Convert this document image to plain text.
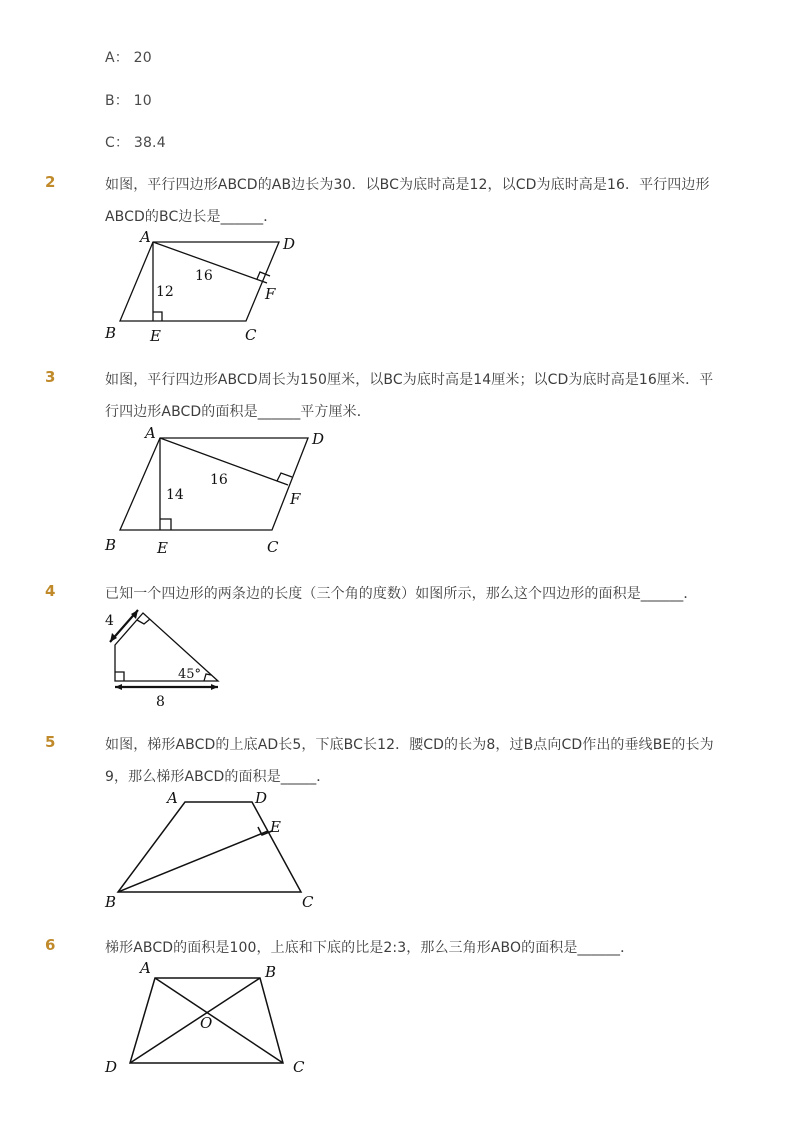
A： 20
B： 10
C： 38.4
2	如图，平行四边形ABCD的AB边长为30．以BC为底时高是12，以CD为底时高是16．平行四边形
ABCD的BC边长是______．
A	D
B E	C
F
12
16
3	如图，平行四边形ABCD周长为150厘米，以BC为底时高是14厘米；以CD为底时高是16厘米．平
行四边形ABCD的面积是______平方厘米．
A	D
B	E	C
F
14
16
4	已知一个四边形的两条边的长度（三个角的度数）如图所示，那么这个四边形的面积是______．
4
8
45°
5	如图，梯形ABCD的上底AD长5，下底BC长12．腰CD的长为8，过B点向CD作出的垂线BE的长为
9，那么梯形ABCD的面积是_____．
A	D
E
B	C
6	梯形ABCD的面积是100，上底和下底的比是2:3，那么三角形ABO的面积是______．
A	B
O
D	C
